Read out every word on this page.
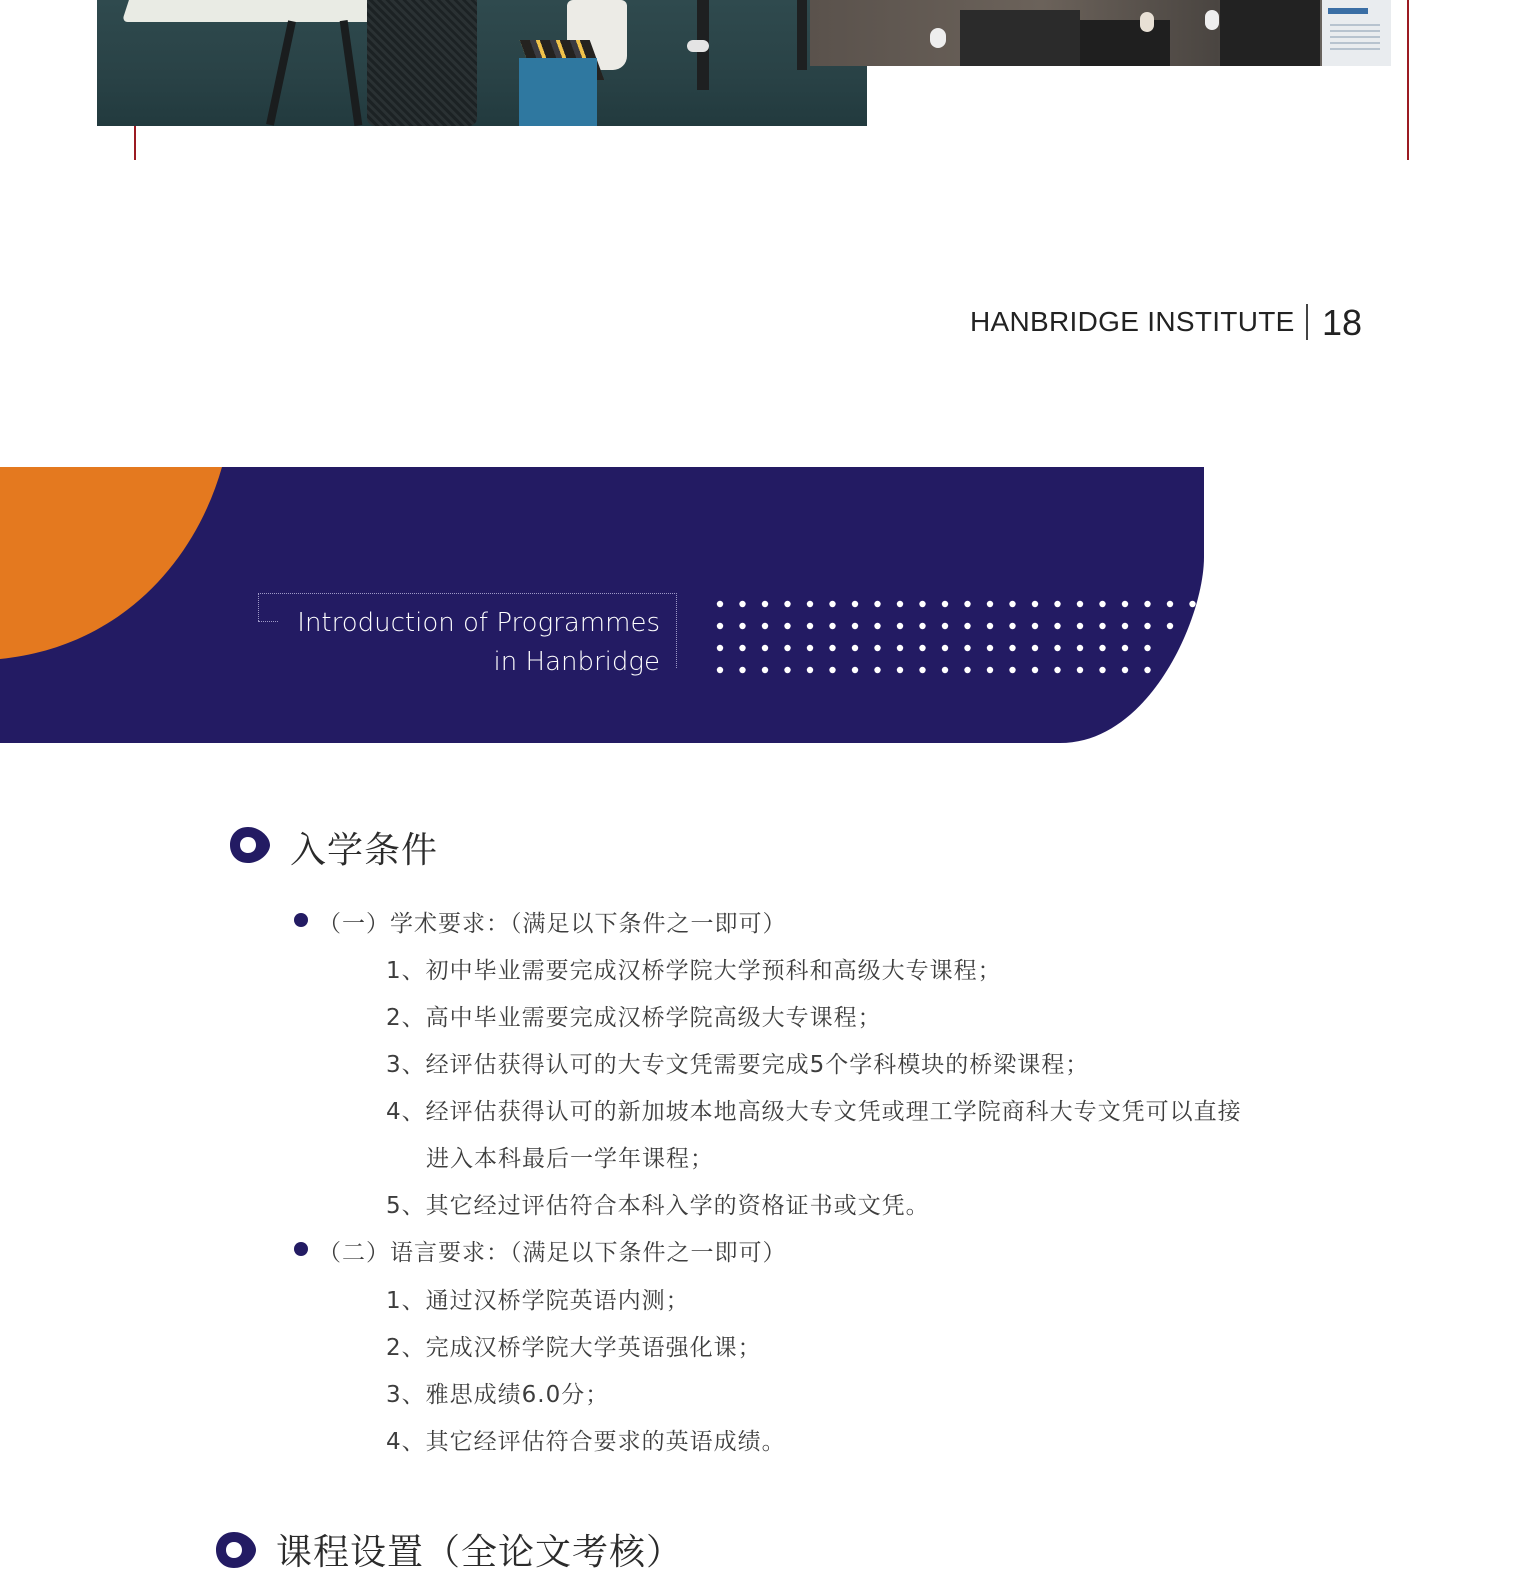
HANBRIDGE INSTITUTE 18
Introduction of Programmes
in Hanbridge
入学条件
（一）学术要求：（满足以下条件之一即可）
1、初中毕业需要完成汉桥学院大学预科和高级大专课程；
2、高中毕业需要完成汉桥学院高级大专课程；
3、经评估获得认可的大专文凭需要完成5个学科模块的桥梁课程；
4、经评估获得认可的新加坡本地高级大专文凭或理工学院商科大专文凭可以直接
进入本科最后一学年课程；
5、其它经过评估符合本科入学的资格证书或文凭。
（二）语言要求：（满足以下条件之一即可）
1、通过汉桥学院英语内测；
2、完成汉桥学院大学英语强化课；
3、雅思成绩6.0分；
4、其它经评估符合要求的英语成绩。
课程设置（全论文考核）
